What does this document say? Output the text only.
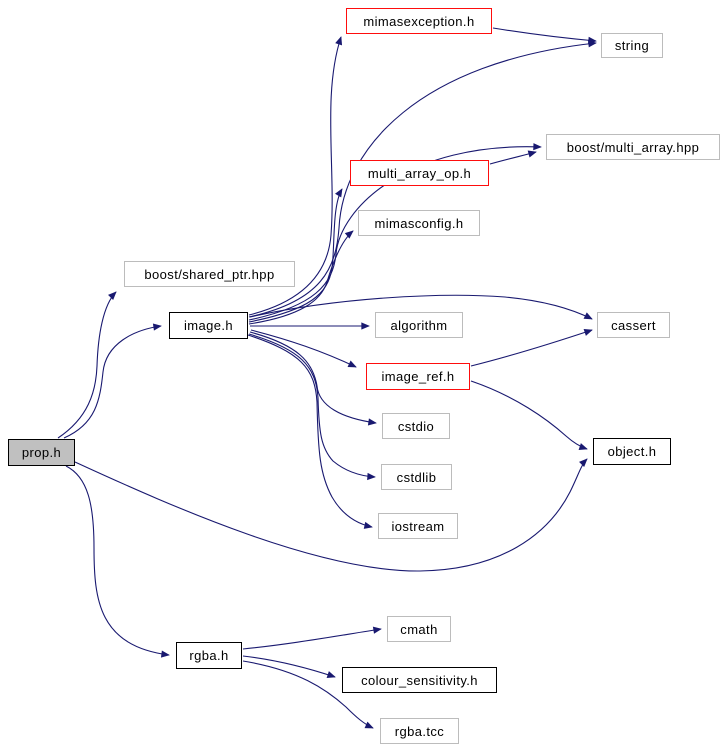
prop.h
boost/shared_ptr.hpp
image.h
mimasexception.h
string
boost/multi_array.hpp
multi_array_op.h
mimasconfig.h
algorithm	cassert
image_ref.h
cstdio
cstdlib
iostream
object.h
rgba.h
cmath
colour_sensitivity.h
rgba.tcc
